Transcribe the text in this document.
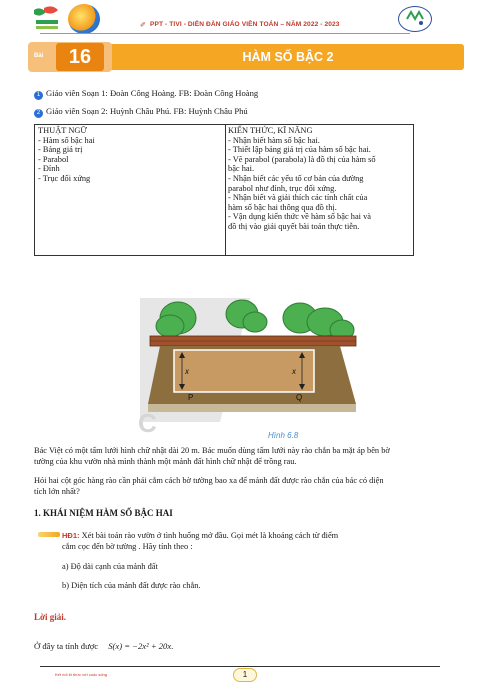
✐ PPT - TIVI - DIỄN ĐÀN GIÁO VIÊN TOÁN – NĂM 2022 - 2023
Bài	16	HÀM SỐ BẬC 2
1 Giáo viên Soạn 1: Đoàn Công Hoàng. FB: Đoàn Công Hoàng
2 Giáo viên Soạn 2: Huỳnh Châu Phú. FB: Huỳnh Châu Phú
THUẬT NGỮ
- Hàm số bậc hai
- Bảng giá trị
- Parabol
- Đỉnh
- Trục đối xứng
KIẾN THỨC, KĨ NĂNG
- Nhận biết hàm số bậc hai.
- Thiết lập bảng giá trị của hàm số bậc hai.
- Vẽ parabol (parabola) là đồ thị của hàm số
bậc hai.
- Nhận biết các yếu tố cơ bản của đường
parabol như đỉnh, trục đối xứng.
- Nhận biết và giải thích các tính chất của
hàm số bậc hai thông qua đồ thị.
- Vận dụng kiến thức về hàm số bậc hai và
đồ thị vào giải quyết bài toán thực tiễn.
x	x
P	Q
C	Hình 6.8
Bác Việt có một tấm lưới hình chữ nhật dài 20 m. Bác muốn dùng tấm lưới này rào chắn ba mặt áp bên bờ
tường của khu vườn nhà mình thành một mảnh đất hình chữ nhật để trồng rau.
Hỏi hai cột góc hàng rào cần phải cắm cách bờ tường bao xa để mảnh đất được rào chắn của bác có diện
tích lớn nhất?
1. KHÁI NIỆM HÀM SỐ BẬC HAI
HĐ1: Xét bài toán rào vườn ở tình huống mở đầu. Gọi mét là khoảng cách từ điểm
cắm cọc đến bờ tường . Hãy tính theo :
a) Độ dài cạnh của mảnh đất
b) Diện tích của mảnh đất được rào chắn.
Lời giải.
Ở đây ta tính được S(x) = −2x² + 20x.
Kết nối tri thức với cuộc sống	1
